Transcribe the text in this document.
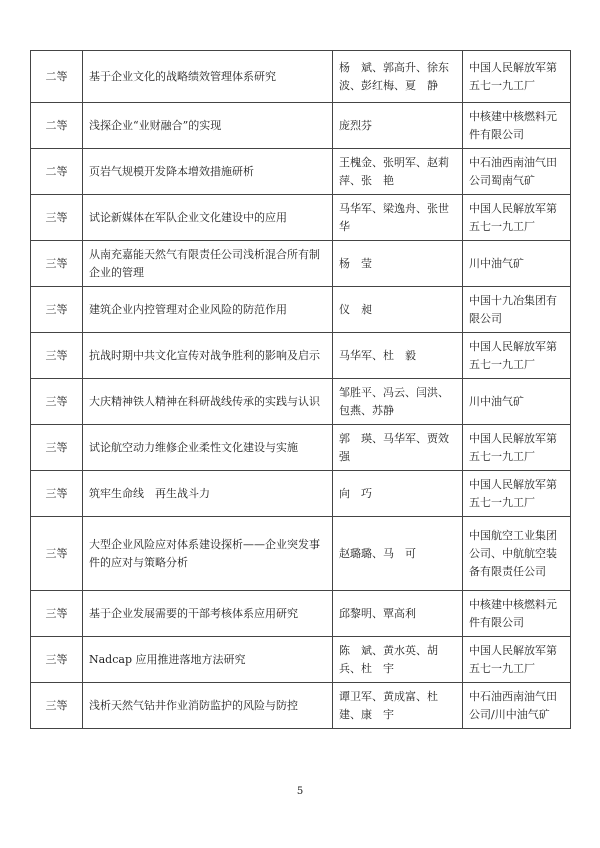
二等	基于企业文化的战略绩效管理体系研究	杨　斌、郭高升、徐东波、彭红梅、夏　静	中国人民解放军第五七一九工厂
二等	浅探企业“业财融合”的实现	庞烈芬	中核建中核燃料元件有限公司
二等	页岩气规模开发降本增效措施研析	王槐金、张明军、赵莉萍、张　艳	中石油西南油气田公司蜀南气矿
三等	试论新媒体在军队企业文化建设中的应用	马华军、梁逸舟、张世华	中国人民解放军第五七一九工厂
三等	从南充嘉能天然气有限责任公司浅析混合所有制企业的管理	杨　莹	川中油气矿
三等	建筑企业内控管理对企业风险的防范作用	仪　昶	中国十九冶集团有限公司
三等	抗战时期中共文化宣传对战争胜利的影响及启示	马华军、杜　毅	中国人民解放军第五七一九工厂
三等	大庆精神铁人精神在科研战线传承的实践与认识	邹胜平、冯云、闫洪、包燕、苏静	川中油气矿
三等	试论航空动力维修企业柔性文化建设与实施	郭　瑛、马华军、贾效强	中国人民解放军第五七一九工厂
三等	筑牢生命线　再生战斗力	向　巧	中国人民解放军第五七一九工厂
三等	大型企业风险应对体系建设探析——企业突发事件的应对与策略分析	赵璐璐、马　可	中国航空工业集团公司、中航航空装备有限责任公司
三等	基于企业发展需要的干部考核体系应用研究	邱黎明、覃高利	中核建中核燃料元件有限公司
三等	Nadcap 应用推进落地方法研究	陈　斌、黄水英、胡　兵、杜　宇	中国人民解放军第五七一九工厂
三等	浅析天然气钻井作业消防监护的风险与防控	谭卫军、黄成富、杜　建、康　宇	中石油西南油气田公司/川中油气矿
5
